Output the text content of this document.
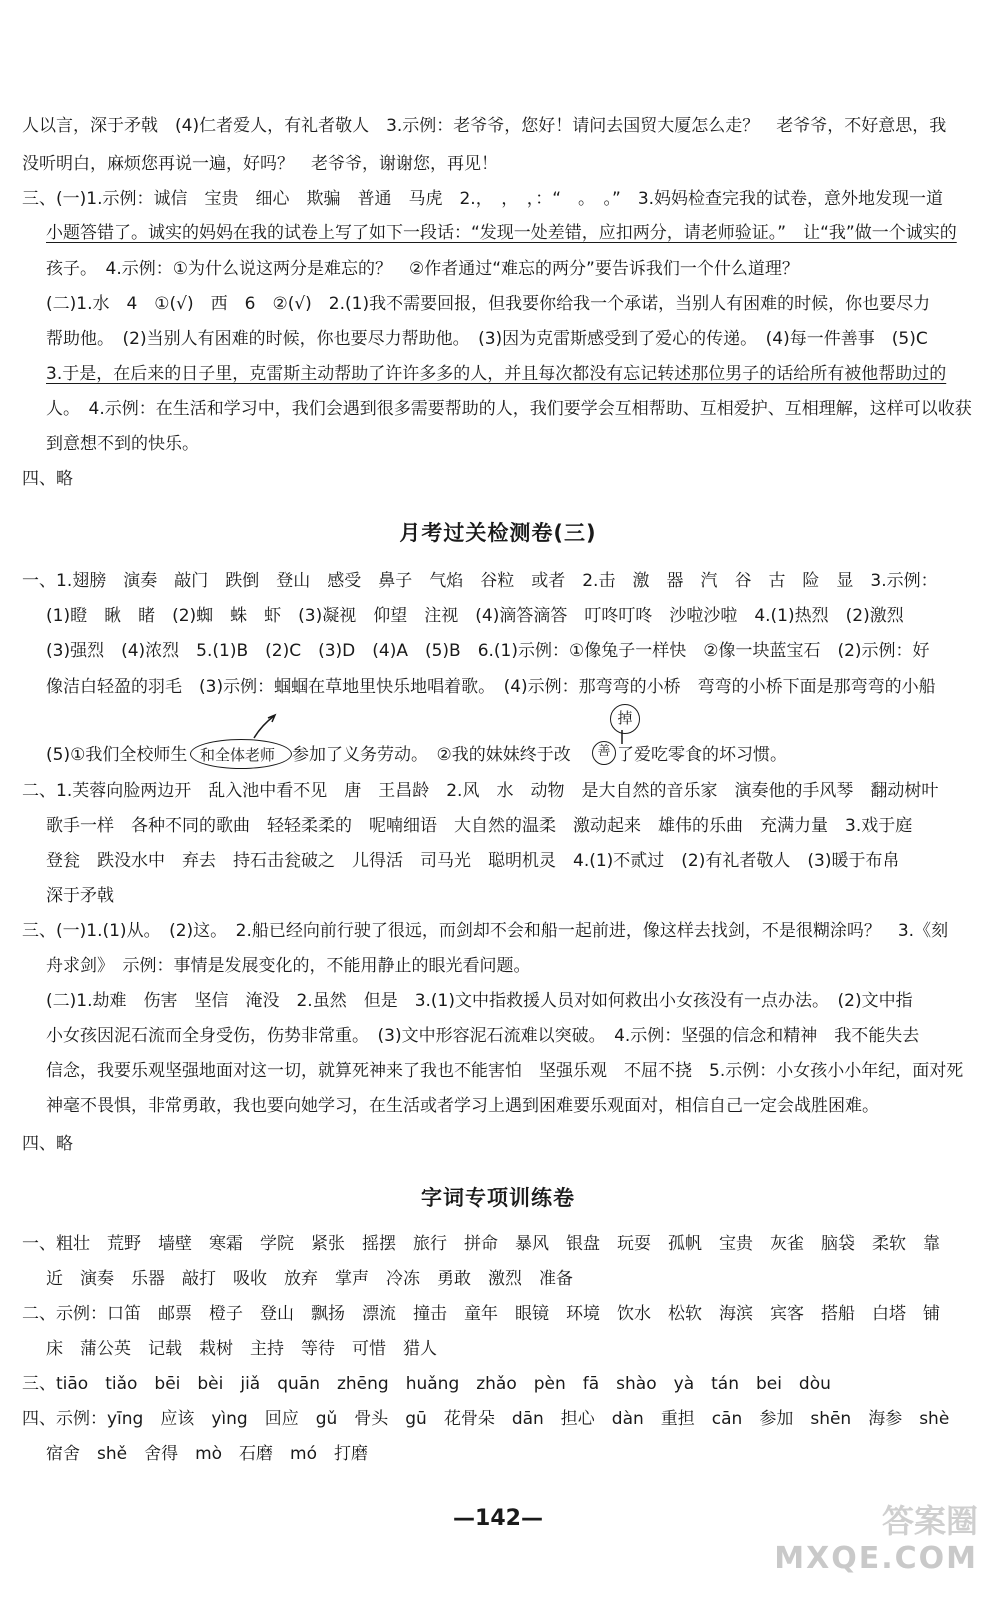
人以言，深于矛戟　(4)仁者爱人，有礼者敬人　3.示例：老爷爷，您好！请问去国贸大厦怎么走？　老爷爷，不好意思，我
没听明白，麻烦您再说一遍，好吗？　老爷爷，谢谢您，再见！
三、(一)1.示例：诚信　宝贵　细心　欺骗　普通　马虎　2.，　，　，：“　。　。”　3.妈妈检查完我的试卷，意外地发现一道
小题答错了。诚实的妈妈在我的试卷上写了如下一段话：“发现一处差错，应扣两分，请老师验证。”　让“我”做一个诚实的
孩子。　4.示例：①为什么说这两分是难忘的？　②作者通过“难忘的两分”要告诉我们一个什么道理？
(二)1.水　4　①(√)　西　6　②(√)　2.(1)我不需要回报，但我要你给我一个承诺，当别人有困难的时候，你也要尽力
帮助他。　(2)当别人有困难的时候，你也要尽力帮助他。　(3)因为克雷斯感受到了爱心的传递。　(4)每一件善事　(5)C
3.于是，在后来的日子里，克雷斯主动帮助了许许多多的人，并且每次都没有忘记转述那位男子的话给所有被他帮助过的
人。　4.示例：在生活和学习中，我们会遇到很多需要帮助的人，我们要学会互相帮助、互相爱护、互相理解，这样可以收获
到意想不到的快乐。
四、略
月考过关检测卷(三)
一、1.翅膀　演奏　敲门　跌倒　登山　感受　鼻子　气焰　谷粒　或者　2.击　激　器　汽　谷　古　险　显　3.示例：
(1)瞪　瞅　睹　(2)蜘　蛛　虾　(3)凝视　仰望　注视　(4)滴答滴答　叮咚叮咚　沙啦沙啦　4.(1)热烈　(2)激烈
(3)强烈　(4)浓烈　5.(1)B　(2)C　(3)D　(4)A　(5)B　6.(1)示例：①像兔子一样快　②像一块蓝宝石　(2)示例：好
像洁白轻盈的羽毛　(3)示例：蝈蝈在草地里快乐地唱着歌。　(4)示例：那弯弯的小桥　弯弯的小桥下面是那弯弯的小船
(5)①我们全校师生 和全体老师 参加了义务劳动。　②我的妹妹终于改
掉
善 了爱吃零食的坏习惯。
二、1.芙蓉向脸两边开　乱入池中看不见　唐　王昌龄　2.风　水　动物　是大自然的音乐家　演奏他的手风琴　翻动树叶
歌手一样　各种不同的歌曲　轻轻柔柔的　呢喃细语　大自然的温柔　激动起来　雄伟的乐曲　充满力量　3.戏于庭
登瓮　跌没水中　弃去　持石击瓮破之　儿得活　司马光　聪明机灵　4.(1)不贰过　(2)有礼者敬人　(3)暖于布帛
深于矛戟
三、(一)1.(1)从。　(2)这。　2.船已经向前行驶了很远，而剑却不会和船一起前进，像这样去找剑，不是很糊涂吗？　3.《刻
舟求剑》　示例：事情是发展变化的，不能用静止的眼光看问题。
(二)1.劫难　伤害　坚信　淹没　2.虽然　但是　3.(1)文中指救援人员对如何救出小女孩没有一点办法。　(2)文中指
小女孩因泥石流而全身受伤，伤势非常重。　(3)文中形容泥石流难以突破。　4.示例：坚强的信念和精神　我不能失去
信念，我要乐观坚强地面对这一切，就算死神来了我也不能害怕　坚强乐观　不屈不挠　5.示例：小女孩小小年纪，面对死
神毫不畏惧，非常勇敢，我也要向她学习，在生活或者学习上遇到困难要乐观面对，相信自己一定会战胜困难。
四、略
字词专项训练卷
一、粗壮　荒野　墙壁　寒霜　学院　紧张　摇摆　旅行　拼命　暴风　银盘　玩耍　孤帆　宝贵　灰雀　脑袋　柔软　靠
近　演奏　乐器　敲打　吸收　放弃　掌声　冷冻　勇敢　激烈　准备
二、示例：口笛　邮票　橙子　登山　飘扬　漂流　撞击　童年　眼镜　环境　饮水　松软　海滨　宾客　搭船　白塔　铺
床　蒲公英　记载　栽树　主持　等待　可惜　猎人
三、tiāo　tiǎo　bēi　bèi　jiǎ　quān　zhēng　huǎng　zhǎo　pèn　fā　shào　yà　tán　bei　dòu
四、示例：yīng　应该　yìng　回应　gǔ　骨头　gū　花骨朵　dān　担心　dàn　重担　cān　参加　shēn　海参　shè
宿舍　shě　舍得　mò　石磨　mó　打磨
—142—	答案圈
MXQE.COM
